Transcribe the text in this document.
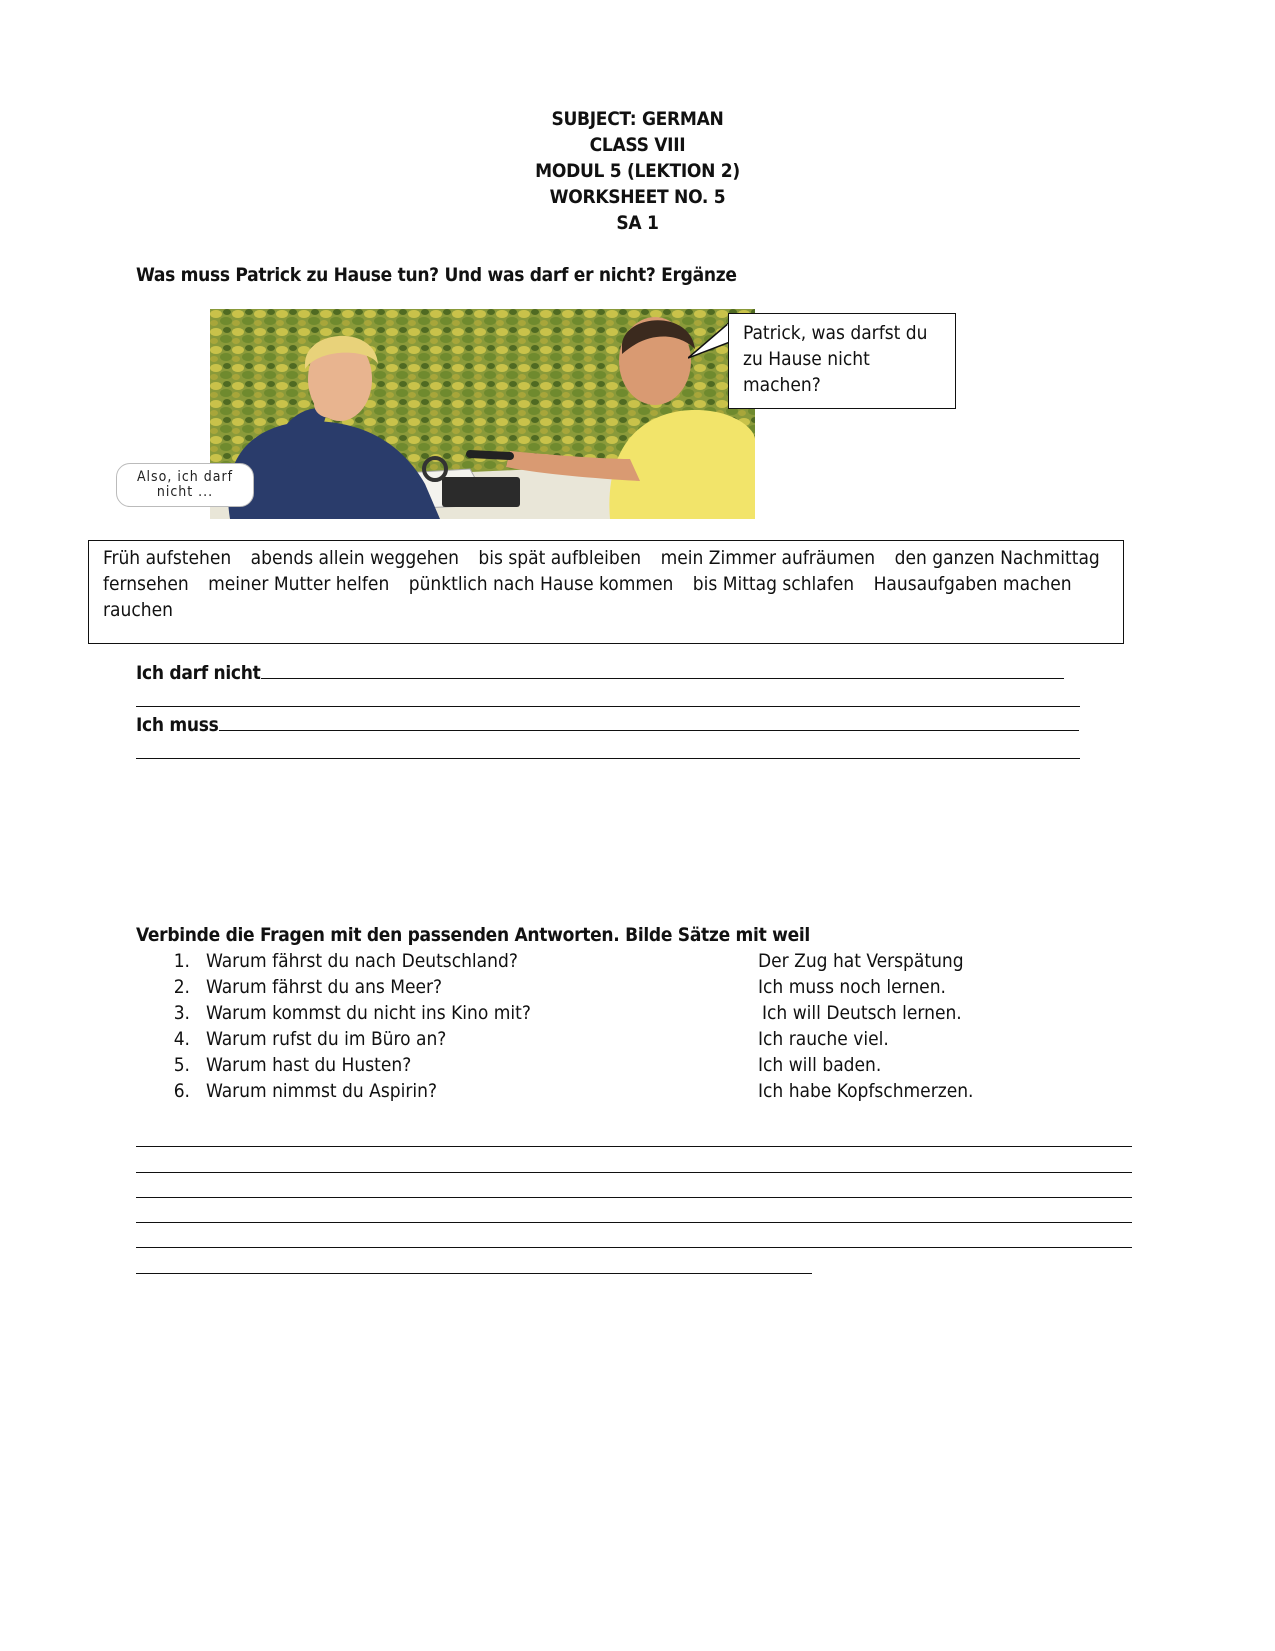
SUBJECT: GERMAN
CLASS VIII
MODUL 5 (LEKTION 2)
WORKSHEET NO. 5
SA 1
Was muss Patrick zu Hause tun? Und was darf er nicht? Ergänze
Patrick, was darfst du zu Hause nicht machen?
Also, ich darf nicht ...
Früh aufstehen abends allein weggehen bis spät aufbleiben mein Zimmer aufräumen den ganzen Nachmittag fernsehen meiner Mutter helfen pünktlich nach Hause kommen bis Mittag schlafen Hausaufgaben machen rauchen
Ich darf nicht
Ich muss
Verbinde die Fragen mit den passenden Antworten. Bilde Sätze mit weil
1. Warum fährst du nach Deutschland?
2. Warum fährst du ans Meer?
3. Warum kommst du nicht ins Kino mit?
4. Warum rufst du im Büro an?
5. Warum hast du Husten?
6. Warum nimmst du Aspirin?
Der Zug hat Verspätung
Ich muss noch lernen.
Ich will Deutsch lernen.
Ich rauche viel.
Ich will baden.
Ich habe Kopfschmerzen.
